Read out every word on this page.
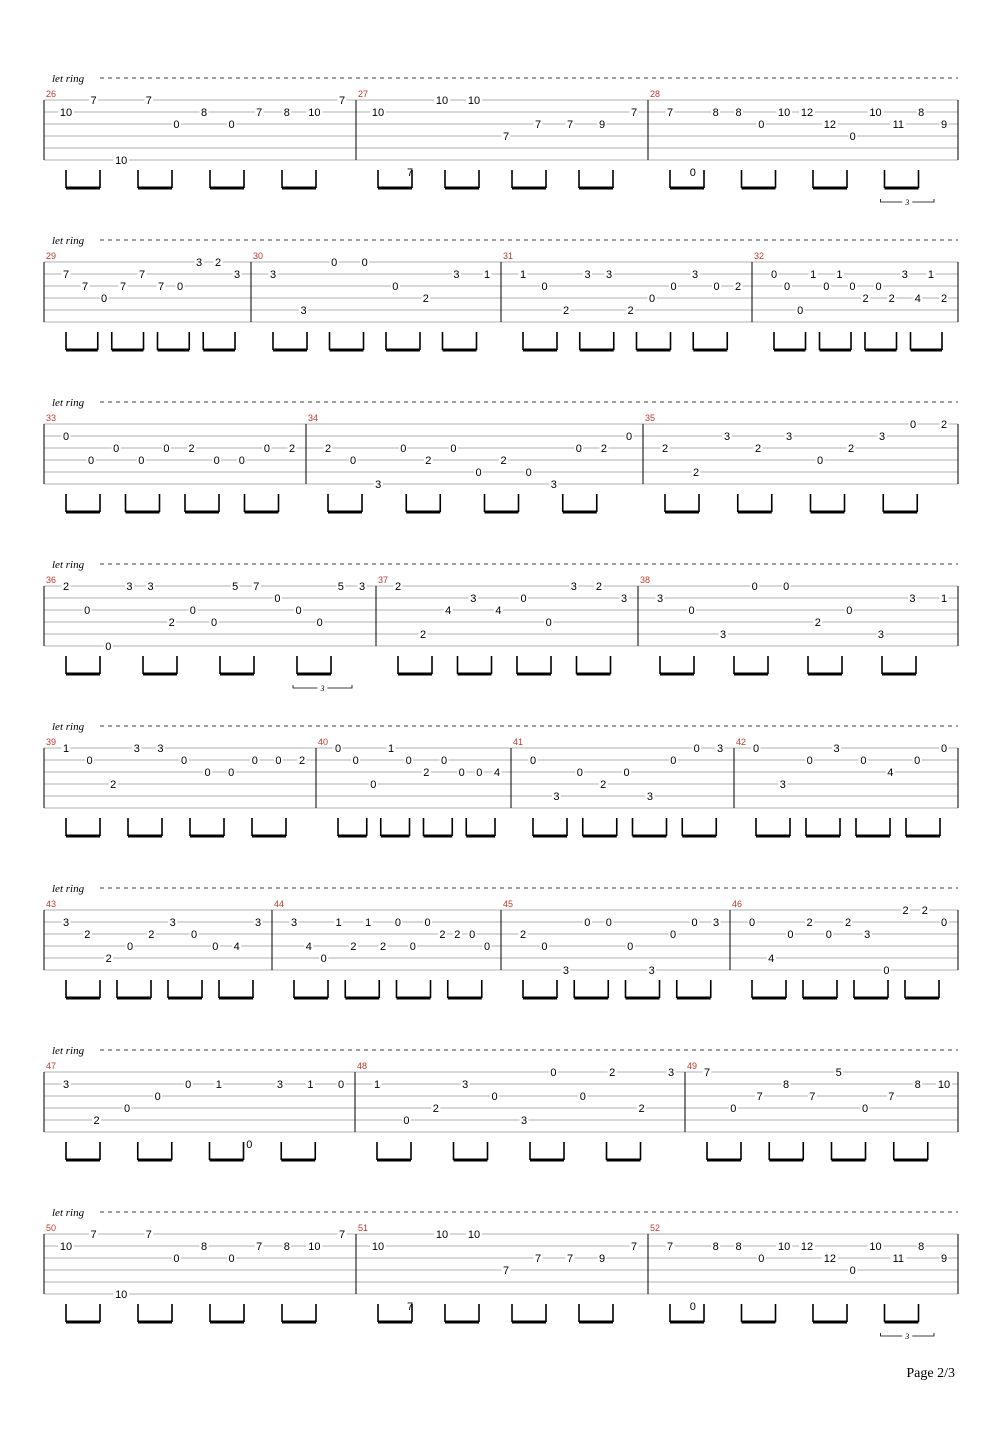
let ring
26
10
7
10
7
0
8
0
7 8 10
7
27
10
7
10 10
7
7 7 9
7
28
7
0
8 8
0
10 12
12
0
10
11
8
9
3
let ring
29
7
7
0
7
7
7 0
3 2
3
30
3
3
0 0
0
2
3 1
31
1
0
2
3 3
2
0
0
3
0 2
32
0
0
0
1
0
1
0
2
0
2
3
4
1
2
let ring
33
0
0
0
0
0 2
0 0
0 2
34
2
0
3
0
2
0
0
2
0
3
0 2
0
35
2
2
3
2
3
0
2
3
0 2
let ring
36
2
0
0
3 3
2
0
0
5 7
0
0
0
5 3
3
37
2
2
4
3
4
0
0
3 2
3
38
3
0
3
0 0
2
0
3
3 1
let ring
39
1
0
2
3 3
0
0 0
0 0 2
40
0
0
0
1
0
2
0
0 0 4
41
0
3
0
2
0
3
0
0 3
42
0
3
0
3
0
4
0
0
let ring
43
3
2
2
0
2
3
0
0 4
3
44
3
4
0
1
2
1
2
0
0
0
2 2 0
0
45
2
0
3
0 0
0
3
0
0 3
46
0
4
0
2
0
2
3
0
2 2
0
let ring
47
3
2
0
0
0 1
0
3 1 0
48
1
0
2
3
0
3
0
0
2
2
3
49
7
0
7
8
7
5
0
7
8 10
let ring
50
10
7
10
7
0
8
0
7 8 10
7
51
10
7
10 10
7
7 7 9
7
52
7
0
8 8
0
10 12
12
0
10
11
8
9
3
Page 2/3
